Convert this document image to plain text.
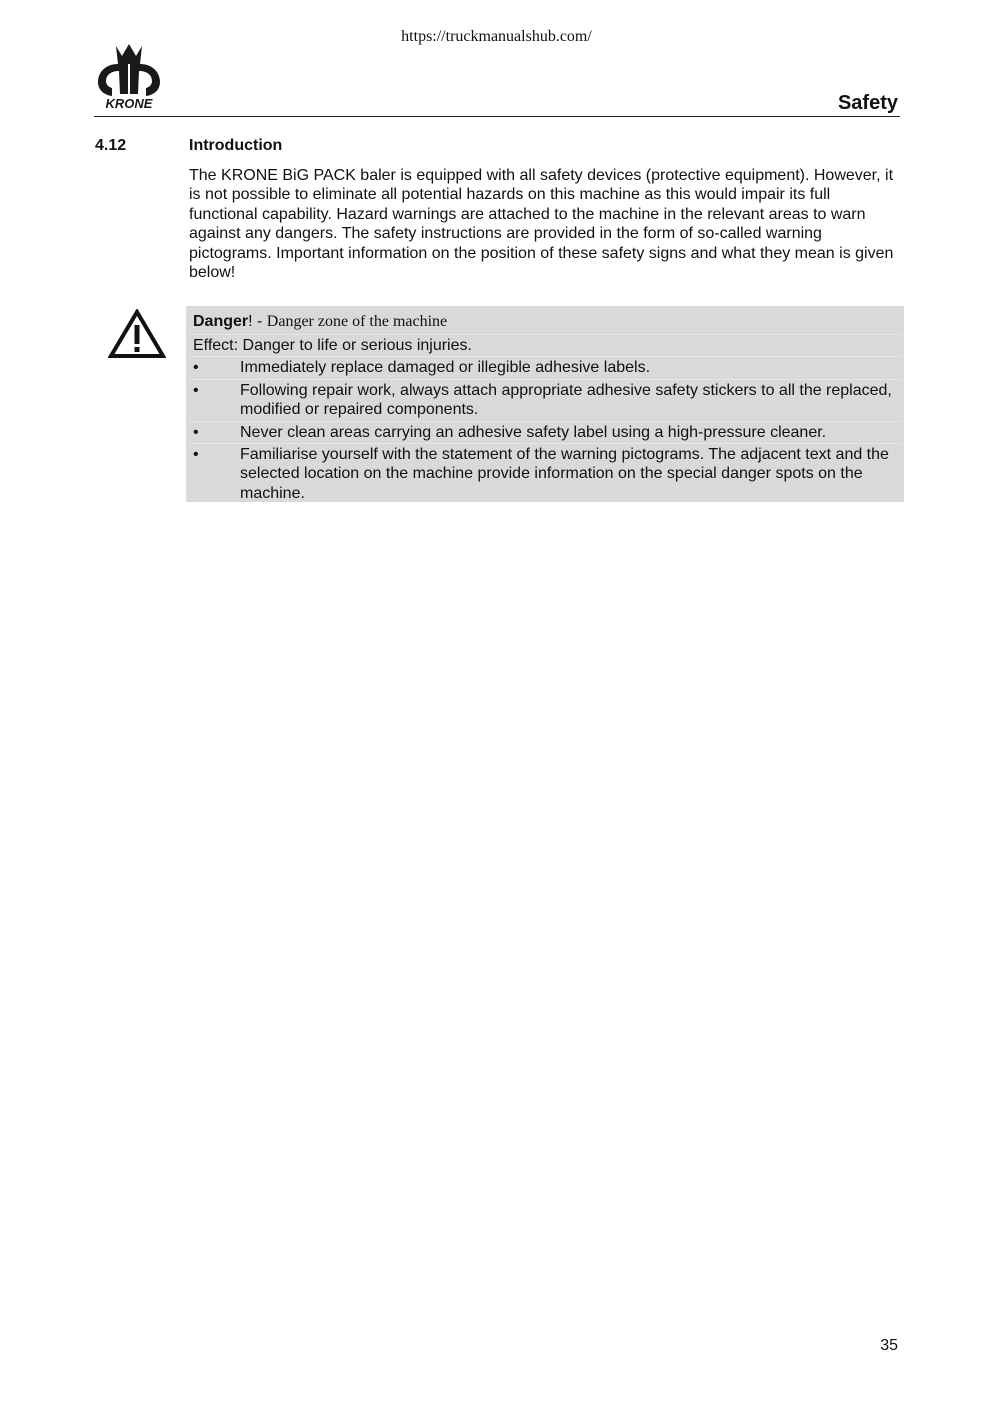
https://truckmanualshub.com/
KRONE	Safety
4.12	Introduction

The KRONE BiG PACK baler is equipped with all safety devices (protective equipment). However, it is not possible to eliminate all potential hazards on this machine as this would impair its full functional capability. Hazard warnings are attached to the machine in the relevant areas to warn against any dangers. The safety instructions are provided in the form of so-called warning pictograms. Important information on the position of these safety signs and what they mean is given below!

Danger! - Danger zone of the machine
Effect: Danger to life or serious injuries.
•	Immediately replace damaged or illegible adhesive labels.

•	Following repair work, always attach appropriate adhesive safety stickers to all the replaced, modified or repaired components.

•	Never clean areas carrying an adhesive safety label using a high-pressure cleaner.

•	Familiarise yourself with the statement of the warning pictograms. The adjacent text and the selected location on the machine provide information on the special danger spots on the machine.

35
